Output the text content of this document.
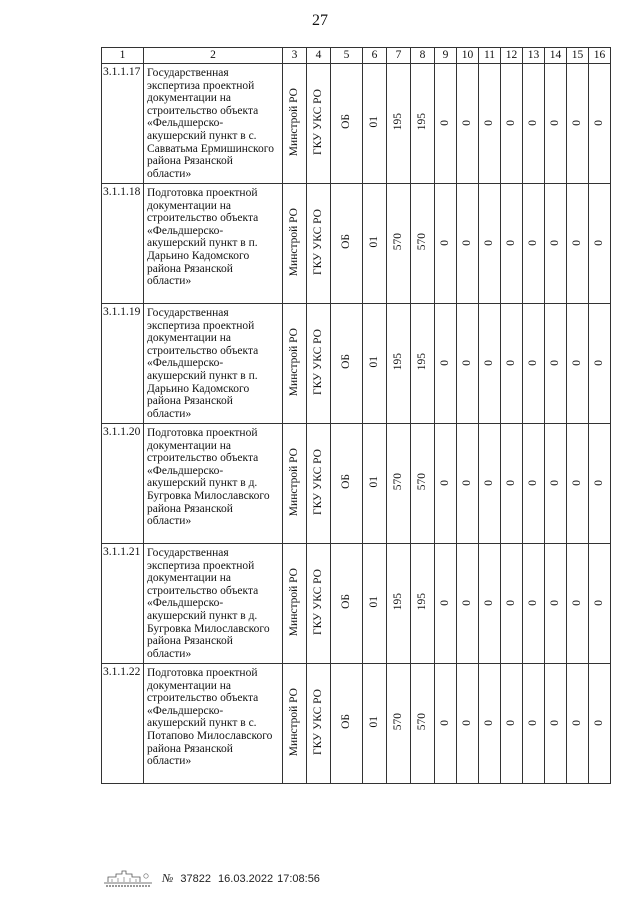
27
1	2	3	4	5	6	7	8	9	10	11	12	13	14	15	16
3.1.1.17	Государственная экспертиза проектной документации на строительство объекта «Фельдшерско-акушерский пункт в с. Савватьма Ермишинского района Рязанской области»	Минстрой РО	ГКУ УКС РО	ОБ	01	195	195	0	0	0	0	0	0	0	0
3.1.1.18	Подготовка проектной документации на строительство объекта «Фельдшерско-акушерский пункт в п. Дарьино Кадомского района Рязанской области»	Минстрой РО	ГКУ УКС РО	ОБ	01	570	570	0	0	0	0	0	0	0	0
3.1.1.19	Государственная экспертиза проектной документации на строительство объекта «Фельдшерско-акушерский пункт в п. Дарьино Кадомского района Рязанской области»	Минстрой РО	ГКУ УКС РО	ОБ	01	195	195	0	0	0	0	0	0	0	0
3.1.1.20	Подготовка проектной документации на строительство объекта «Фельдшерско-акушерский пункт в д. Бугровка Милославского района Рязанской области»	Минстрой РО	ГКУ УКС РО	ОБ	01	570	570	0	0	0	0	0	0	0	0
3.1.1.21	Государственная экспертиза проектной документации на строительство объекта «Фельдшерско-акушерский пункт в д. Бугровка Милославского района Рязанской области»	Минстрой РО	ГКУ УКС РО	ОБ	01	195	195	0	0	0	0	0	0	0	0
3.1.1.22	Подготовка проектной документации на строительство объекта «Фельдшерско-акушерский пункт в с. Потапово Милославского района Рязанской области»	Минстрой РО	ГКУ УКС РО	ОБ	01	570	570	0	0	0	0	0	0	0	0
№ 37822 16.03.2022 17:08:56
